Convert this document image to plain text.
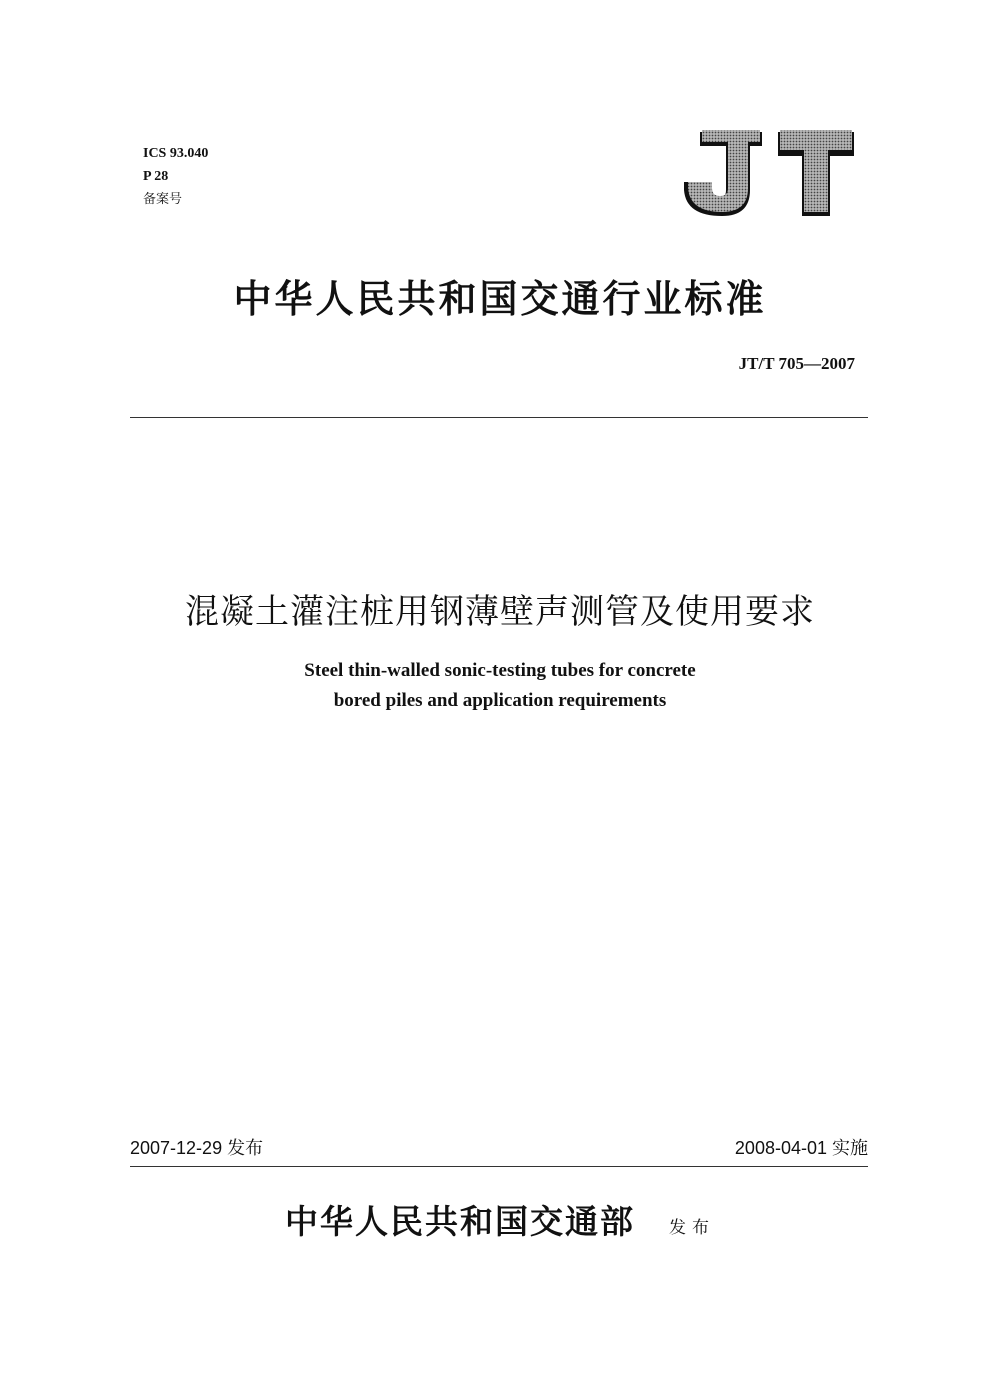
ICS 93.040
P 28
备案号
中华人民共和国交通行业标准
JT/T 705—2007
混凝土灌注桩用钢薄壁声测管及使用要求
Steel thin-walled sonic-testing tubes for concrete
bored piles and application requirements
2007-12-29 发布	2008-04-01 实施
中华人民共和国交通部 发布
